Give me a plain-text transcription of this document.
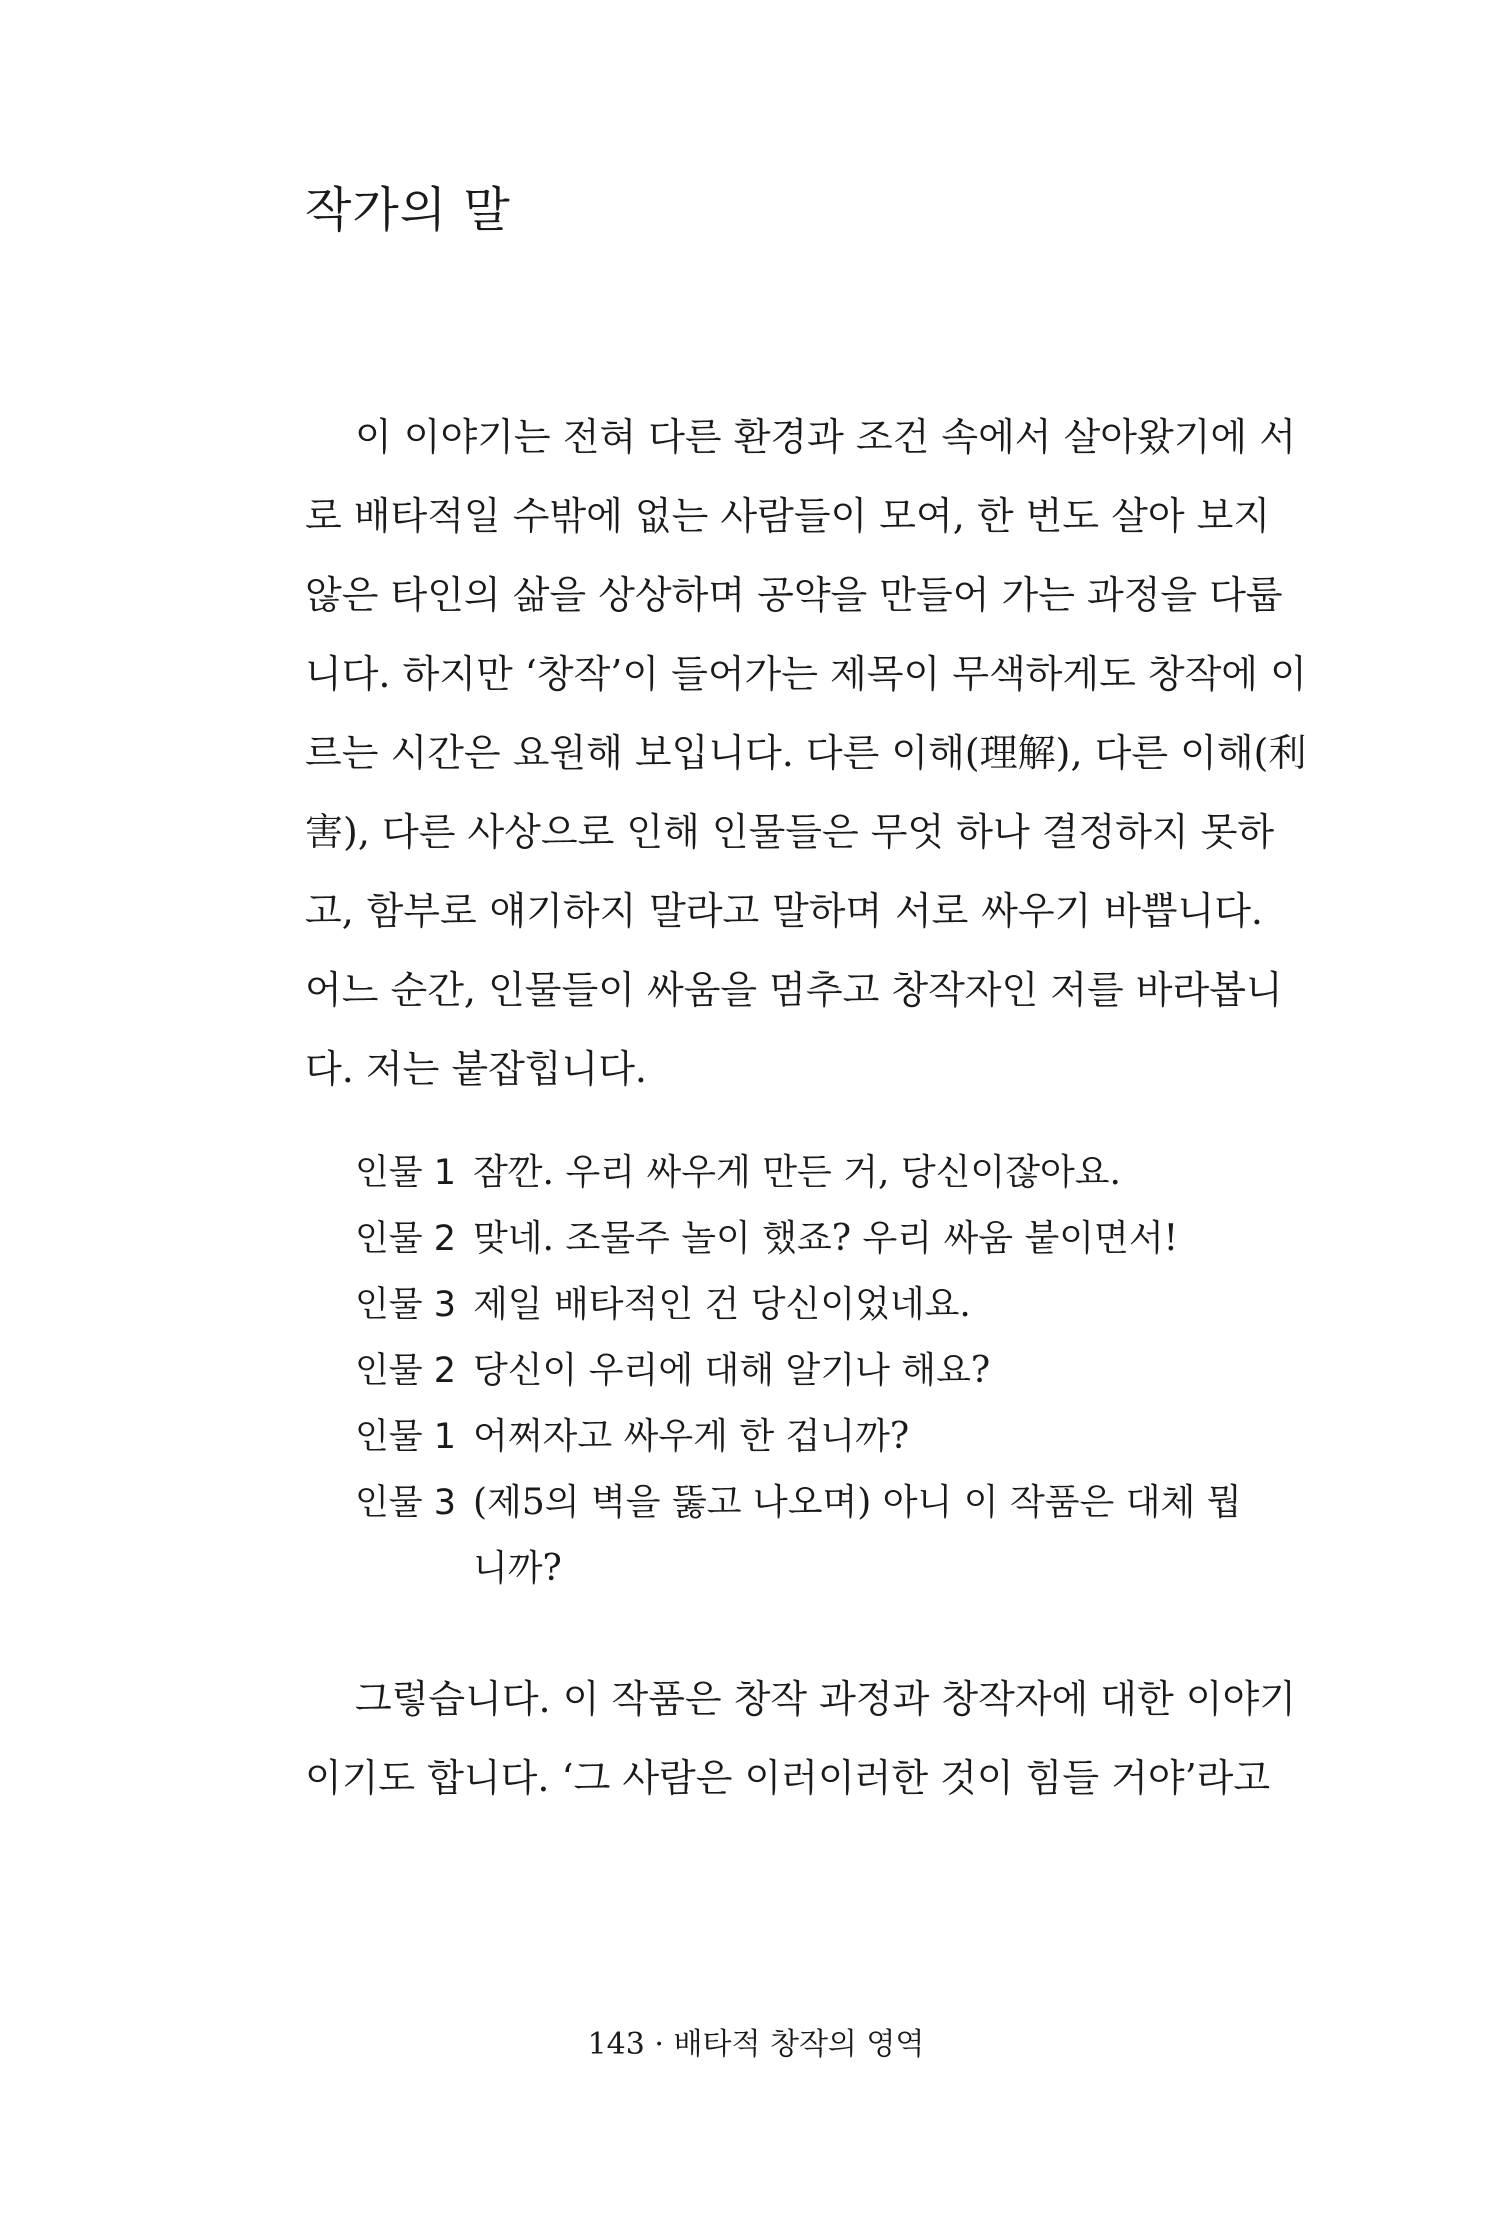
작가의 말
이 이야기는 전혀 다른 환경과 조건 속에서 살아왔기에 서
로 배타적일 수밖에 없는 사람들이 모여, 한 번도 살아 보지
않은 타인의 삶을 상상하며 공약을 만들어 가는 과정을 다룹
니다. 하지만 ‘창작’이 들어가는 제목이 무색하게도 창작에 이
르는 시간은 요원해 보입니다. 다른 이해(理解), 다른 이해(利
害), 다른 사상으로 인해 인물들은 무엇 하나 결정하지 못하
고, 함부로 얘기하지 말라고 말하며 서로 싸우기 바쁩니다.
어느 순간, 인물들이 싸움을 멈추고 창작자인 저를 바라봅니
다. 저는 붙잡힙니다.
인물 1 잠깐. 우리 싸우게 만든 거, 당신이잖아요.
인물 2 맞네. 조물주 놀이 했죠? 우리 싸움 붙이면서!
인물 3 제일 배타적인 건 당신이었네요.
인물 2 당신이 우리에 대해 알기나 해요?
인물 1 어쩌자고 싸우게 한 겁니까?
인물 3 (제5의 벽을 뚫고 나오며) 아니 이 작품은 대체 뭡
니까?
그렇습니다. 이 작품은 창작 과정과 창작자에 대한 이야기
이기도 합니다. ‘그 사람은 이러이러한 것이 힘들 거야’라고
143 · 배타적 창작의 영역
